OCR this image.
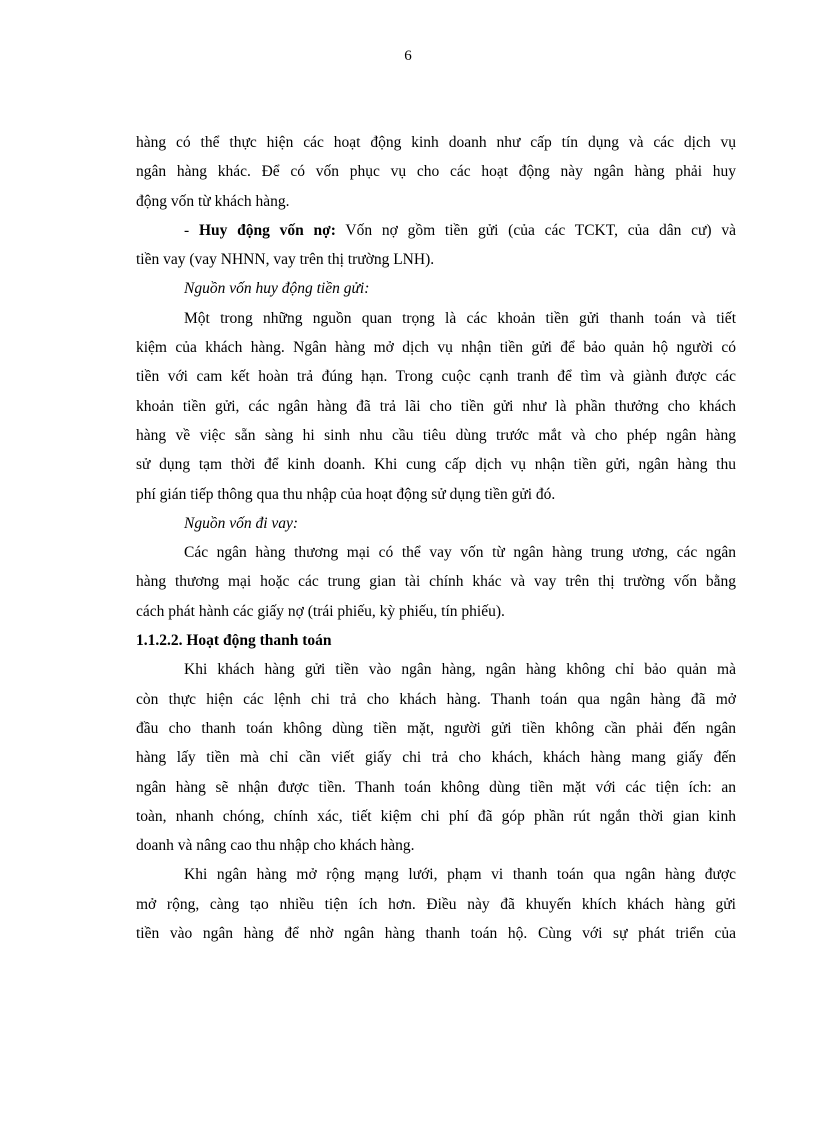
6
hàng có thể thực hiện các hoạt động kinh doanh như cấp tín dụng và các dịch vụ
ngân hàng khác. Để có vốn phục vụ cho các hoạt động này ngân hàng phải huy
động vốn từ khách hàng.
- Huy động vốn nợ: Vốn nợ gồm tiền gửi (của các TCKT, của dân cư) và
tiền vay (vay NHNN, vay trên thị trường LNH).
Nguồn vốn huy động tiền gửi:
Một trong những nguồn quan trọng là các khoản tiền gửi thanh toán và tiết
kiệm của khách hàng. Ngân hàng mở dịch vụ nhận tiền gửi để bảo quản hộ người có
tiền với cam kết hoàn trả đúng hạn. Trong cuộc cạnh tranh để tìm và giành được các
khoản tiền gửi, các ngân hàng đã trả lãi cho tiền gửi như là phần thưởng cho khách
hàng về việc sẵn sàng hi sinh nhu cầu tiêu dùng trước mắt và cho phép ngân hàng
sử dụng tạm thời để kinh doanh. Khi cung cấp dịch vụ nhận tiền gửi, ngân hàng thu
phí gián tiếp thông qua thu nhập của hoạt động sử dụng tiền gửi đó.
Nguồn vốn đi vay:
Các ngân hàng thương mại có thể vay vốn từ ngân hàng trung ương, các ngân
hàng thương mại hoặc các trung gian tài chính khác và vay trên thị trường vốn bằng
cách phát hành các giấy nợ (trái phiếu, kỳ phiếu, tín phiếu).
1.1.2.2. Hoạt động thanh toán
Khi khách hàng gửi tiền vào ngân hàng, ngân hàng không chỉ bảo quản mà
còn thực hiện các lệnh chi trả cho khách hàng. Thanh toán qua ngân hàng đã mở
đầu cho thanh toán không dùng tiền mặt, người gửi tiền không cần phải đến ngân
hàng lấy tiền mà chỉ cần viết giấy chi trả cho khách, khách hàng mang giấy đến
ngân hàng sẽ nhận được tiền. Thanh toán không dùng tiền mặt với các tiện ích: an
toàn, nhanh chóng, chính xác, tiết kiệm chi phí đã góp phần rút ngắn thời gian kinh
doanh và nâng cao thu nhập cho khách hàng.
Khi ngân hàng mở rộng mạng lưới, phạm vi thanh toán qua ngân hàng được
mở rộng, càng tạo nhiều tiện ích hơn. Điều này đã khuyến khích khách hàng gửi
tiền vào ngân hàng để nhờ ngân hàng thanh toán hộ. Cùng với sự phát triển của
